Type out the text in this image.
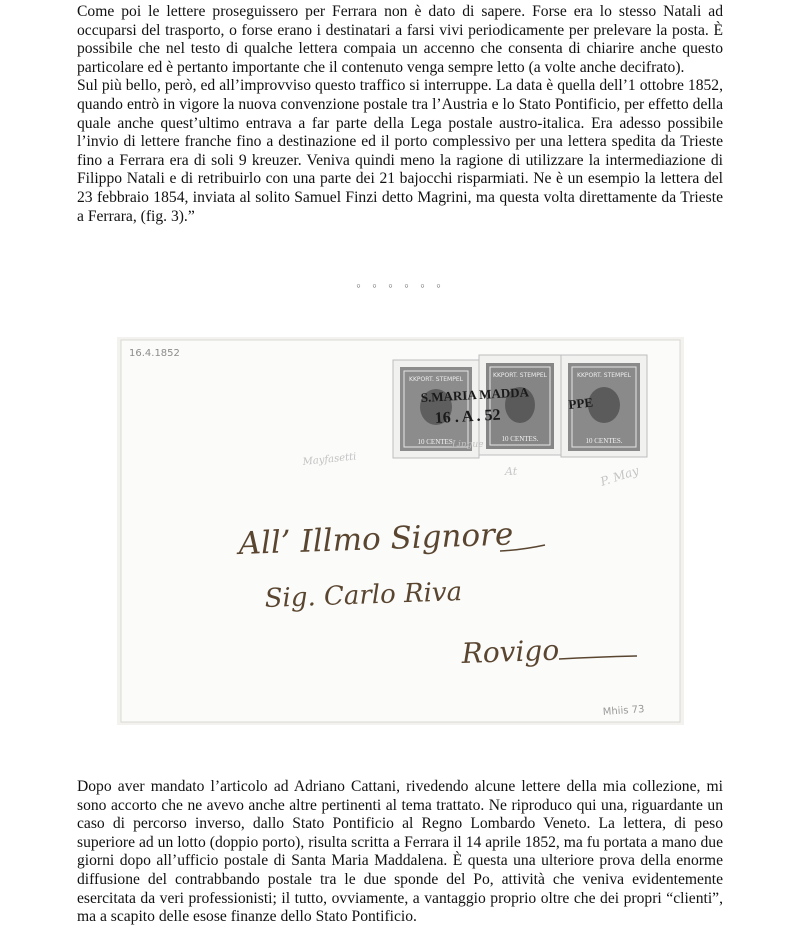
Come poi le lettere proseguissero per Ferrara non è dato di sapere. Forse era lo stesso Natali ad occuparsi del trasporto, o forse erano i destinatari a farsi vivi periodicamente per prelevare la posta. È possibile che nel testo di qualche lettera compaia un accenno che consenta di chiarire anche questo particolare ed è pertanto importante che il contenuto venga sempre letto (a volte anche decifrato).

Sul più bello, però, ed all’improvviso questo traffico si interruppe. La data è quella dell’1 ottobre 1852, quando entrò in vigore la nuova convenzione postale tra l’Austria e lo Stato Pontificio, per effetto della quale anche quest’ultimo entrava a far parte della Lega postale austro-italica. Era adesso possibile l’invio di lettere franche fino a destinazione ed il porto complessivo per una lettera spedita da Trieste fino a Ferrara era di soli 9 kreuzer. Veniva quindi meno la ragione di utilizzare la intermediazione di Filippo Natali e di retribuirlo con una parte dei 21 bajocchi risparmiati. Ne è un esempio la lettera del 23 febbraio 1854, inviata al solito Samuel Finzi detto Magrini, ma questa volta direttamente da Trieste a Ferrara, (fig. 3).”

◦ ◦ ◦ ◦ ◦ ◦
16.4.1852
Mhiis 73
KKPORT. STEMPEL
10 CENTES.
KKPORT. STEMPEL
10 CENTES.
KKPORT. STEMPEL
10 CENTES.
S.MARIA MADDA
16 . A . 52
PPE
Mayfasetti
Lingue
At	P. May
All’ Illmo Signore
Sig. Carlo Riva
Rovigo

Dopo aver mandato l’articolo ad Adriano Cattani, rivedendo alcune lettere della mia collezione, mi sono accorto che ne avevo anche altre pertinenti al tema trattato. Ne riproduco qui una, riguardante un caso di percorso inverso, dallo Stato Pontificio al Regno Lombardo Veneto. La lettera, di peso superiore ad un lotto (doppio porto), risulta scritta a Ferrara il 14 aprile 1852, ma fu portata a mano due giorni dopo all’ufficio postale di Santa Maria Maddalena. È questa una ulteriore prova della enorme diffusione del contrabbando postale tra le due sponde del Po, attività che veniva evidentemente esercitata da veri professionisti; il tutto, ovviamente, a vantaggio proprio oltre che dei propri “clienti”, ma a scapito delle esose finanze dello Stato Pontificio.
